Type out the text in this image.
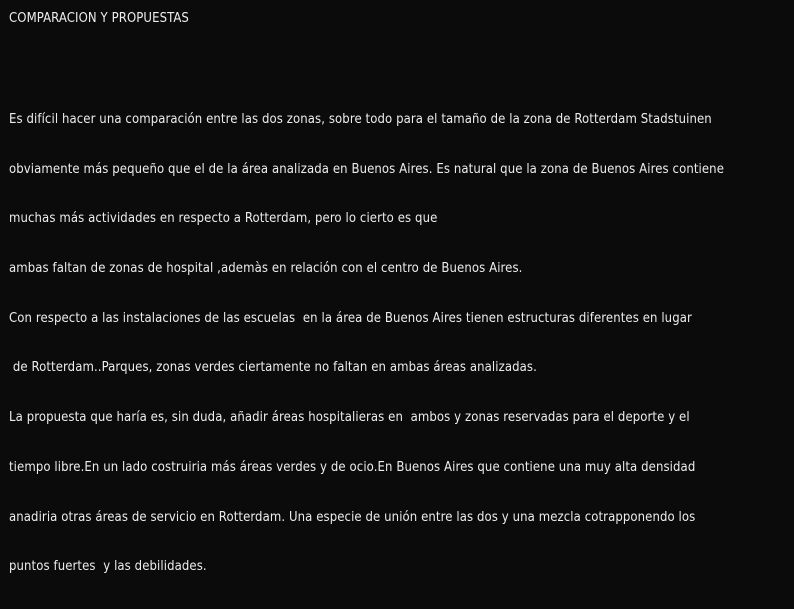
COMPARACION Y PROPUESTAS
Es difícil hacer una comparación entre las dos zonas, sobre todo para el tamaño de la zona de Rotterdam Stadstuinen
obviamente más pequeño que el de la área analizada en Buenos Aires. Es natural que la zona de Buenos Aires contiene
muchas más actividades en respecto a Rotterdam, pero lo cierto es que
ambas faltan de zonas de hospital ,ademàs en relación con el centro de Buenos Aires.
Con respecto a las instalaciones de las escuelas  en la área de Buenos Aires tienen estructuras diferentes en lugar
de Rotterdam..Parques, zonas verdes ciertamente no faltan en ambas áreas analizadas.
La propuesta que haría es, sin duda, añadir áreas hospitalieras en  ambos y zonas reservadas para el deporte y el
tiempo libre.En un lado costruiria más áreas verdes y de ocio.En Buenos Aires que contiene una muy alta densidad
anadiria otras áreas de servicio en Rotterdam. Una especie de unión entre las dos y una mezcla cotrapponendo los
puntos fuertes  y las debilidades.
